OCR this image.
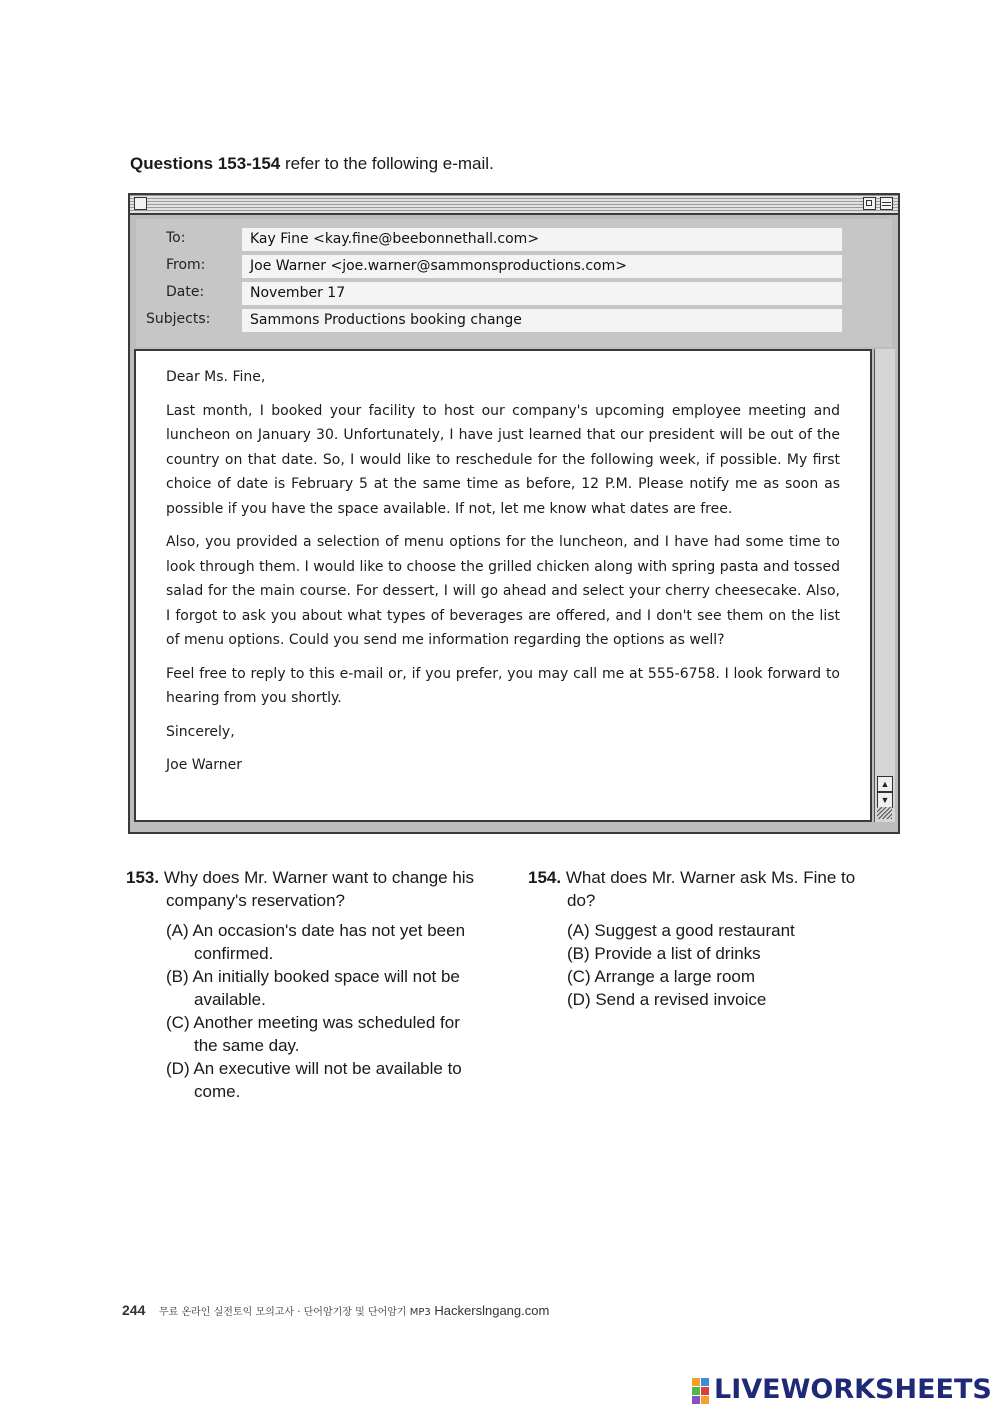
Questions 153-154 refer to the following e-mail.
To:	Kay Fine <kay.fine@beebonnethall.com>
From:	Joe Warner <joe.warner@sammonsproductions.com>
Date:	November 17
Subjects:	Sammons Productions booking change

Dear Ms. Fine,

Last month, I booked your facility to host our company's upcoming employee meeting and luncheon on January 30. Unfortunately, I have just learned that our president will be out of the country on that date. So, I would like to reschedule for the following week, if possible. My first choice of date is February 5 at the same time as before, 12 P.M. Please notify me as soon as possible if you have the space available. If not, let me know what dates are free.

Also, you provided a selection of menu options for the luncheon, and I have had some time to look through them. I would like to choose the grilled chicken along with spring pasta and tossed salad for the main course. For dessert, I will go ahead and select your cherry cheesecake. Also, I forgot to ask you about what types of beverages are offered, and I don't see them on the list of menu options. Could you send me information regarding the options as well?

Feel free to reply to this e-mail or, if you prefer, you may call me at 555-6758. I look forward to hearing from you shortly.

Sincerely,

Joe Warner

▲
▼
153. Why does Mr. Warner want to change his
company's reservation?
(A) An occasion's date has not yet been
confirmed.
(B) An initially booked space will not be
available.
(C) Another meeting was scheduled for
the same day.
(D) An executive will not be available to
come.
154. What does Mr. Warner ask Ms. Fine to
do?
(A) Suggest a good restaurant
(B) Provide a list of drinks
(C) Arrange a large room
(D) Send a revised invoice
244 무료 온라인 실전토익 모의고사 · 단어암기장 및 단어암기 MP3 Hackerslngang.com
LIVEWORKSHEETS
